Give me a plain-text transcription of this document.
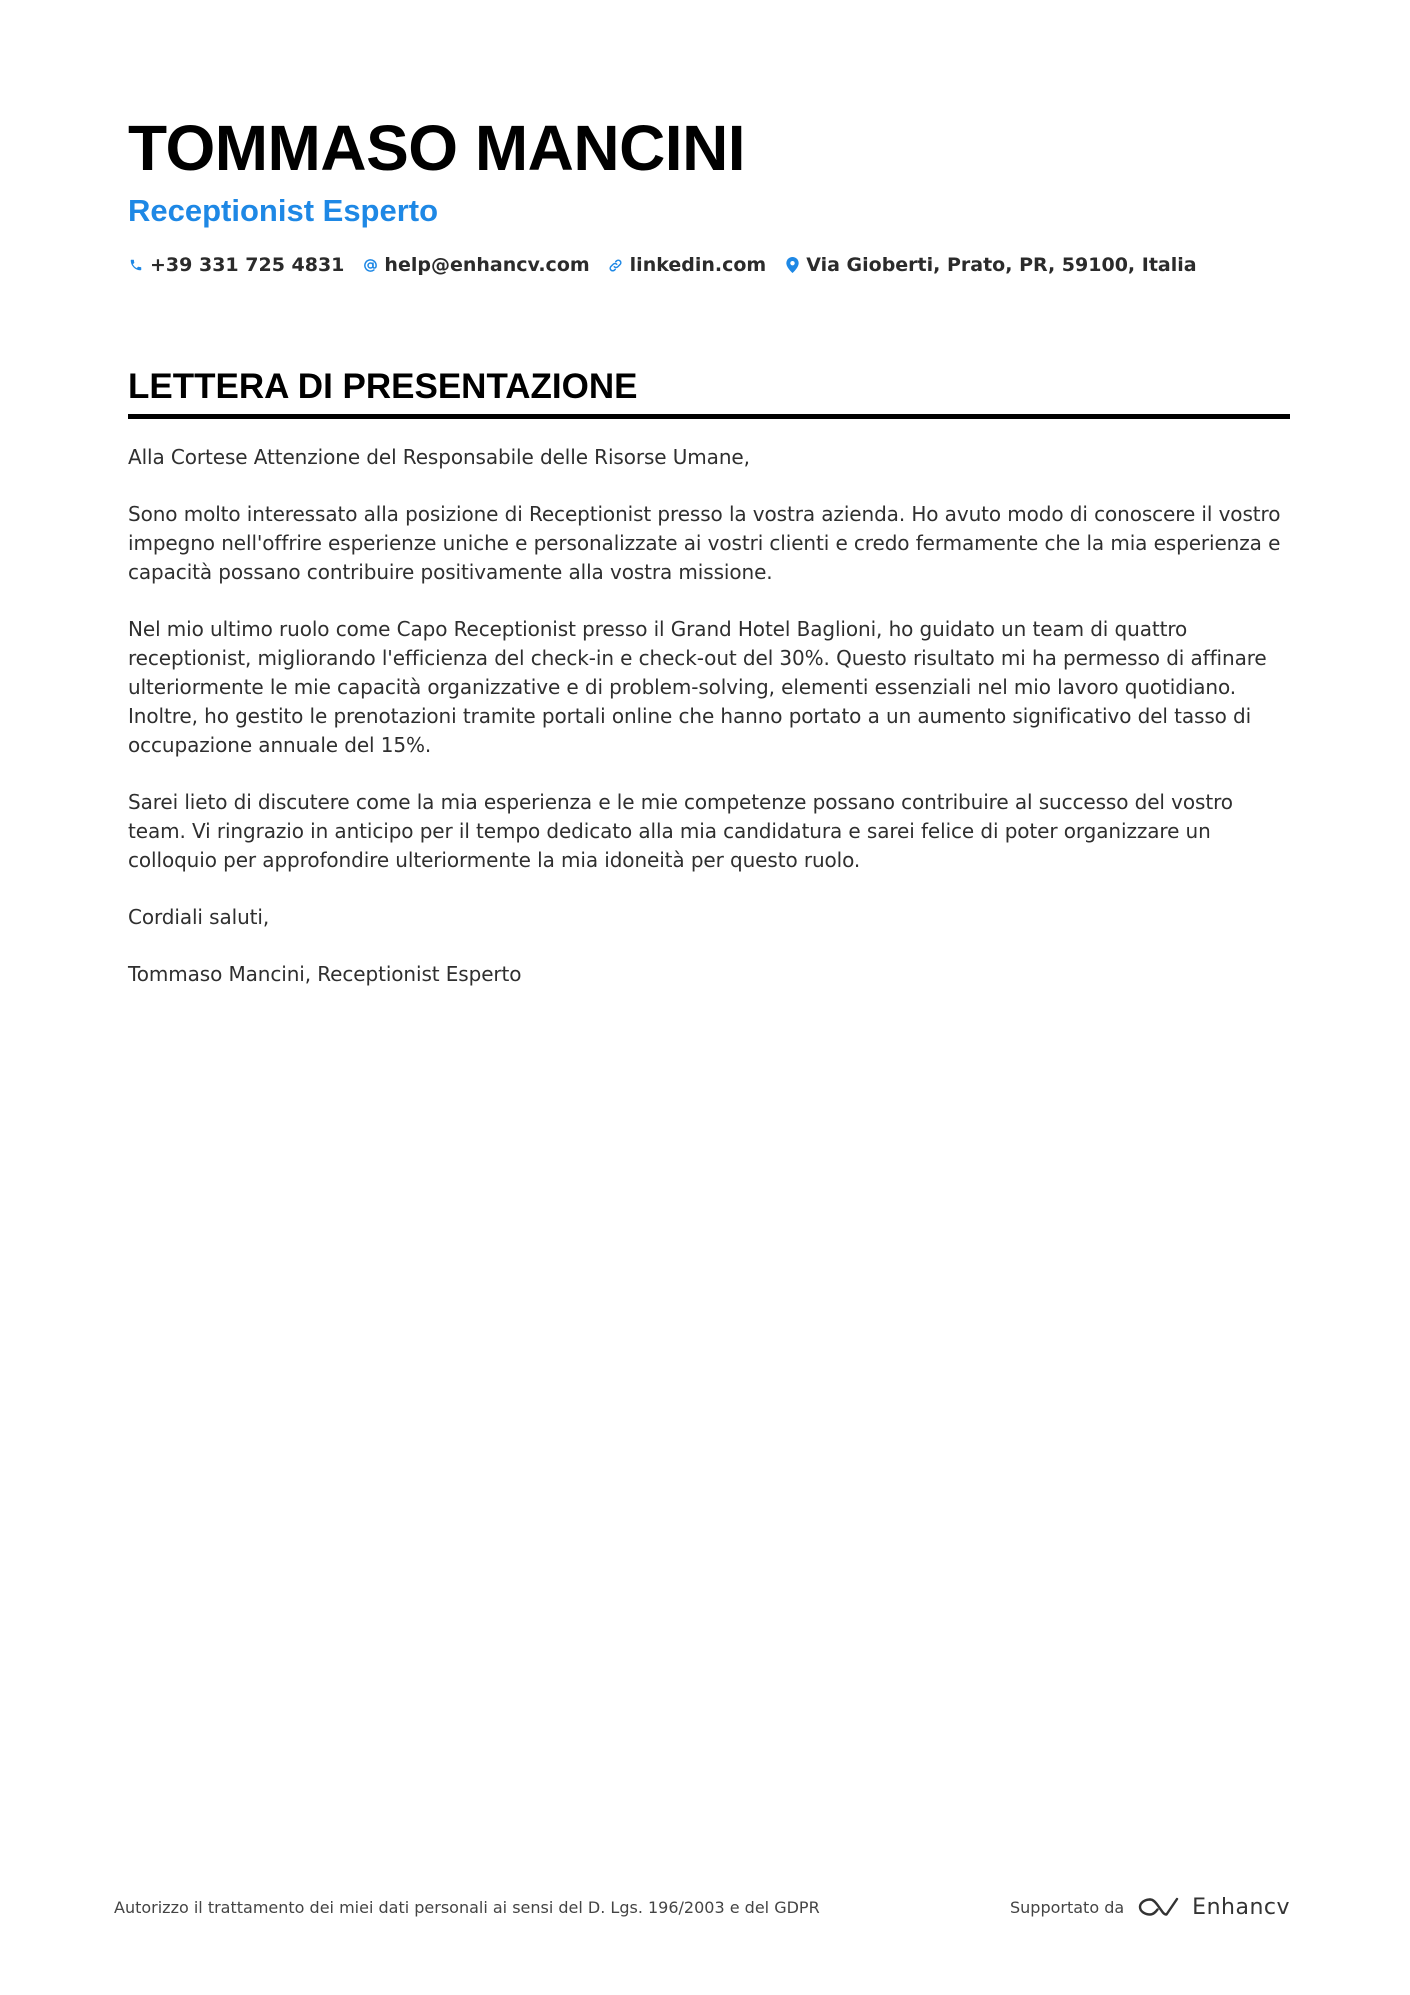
TOMMASO MANCINI
Receptionist Esperto
+39 331 725 4831 help@enhancv.com linkedin.com Via Gioberti, Prato, PR, 59100, Italia
LETTERA DI PRESENTAZIONE

Alla Cortese Attenzione del Responsabile delle Risorse Umane,

Sono molto interessato alla posizione di Receptionist presso la vostra azienda. Ho avuto modo di conoscere il vostro impegno nell'offrire esperienze uniche e personalizzate ai vostri clienti e credo fermamente che la mia esperienza e capacità possano contribuire positivamente alla vostra missione.

Nel mio ultimo ruolo come Capo Receptionist presso il Grand Hotel Baglioni, ho guidato un team di quattro receptionist, migliorando l'efficienza del check-in e check-out del 30%. Questo risultato mi ha permesso di affinare ulteriormente le mie capacità organizzative e di problem-solving, elementi essenziali nel mio lavoro quotidiano. Inoltre, ho gestito le prenotazioni tramite portali online che hanno portato a un aumento significativo del tasso di occupazione annuale del 15%.

Sarei lieto di discutere come la mia esperienza e le mie competenze possano contribuire al successo del vostro team. Vi ringrazio in anticipo per il tempo dedicato alla mia candidatura e sarei felice di poter organizzare un colloquio per approfondire ulteriormente la mia idoneità per questo ruolo.

Cordiali saluti,

Tommaso Mancini, Receptionist Esperto

Autorizzo il trattamento dei miei dati personali ai sensi del D. Lgs. 196/2003 e del GDPR	Supportato da	Enhancv
